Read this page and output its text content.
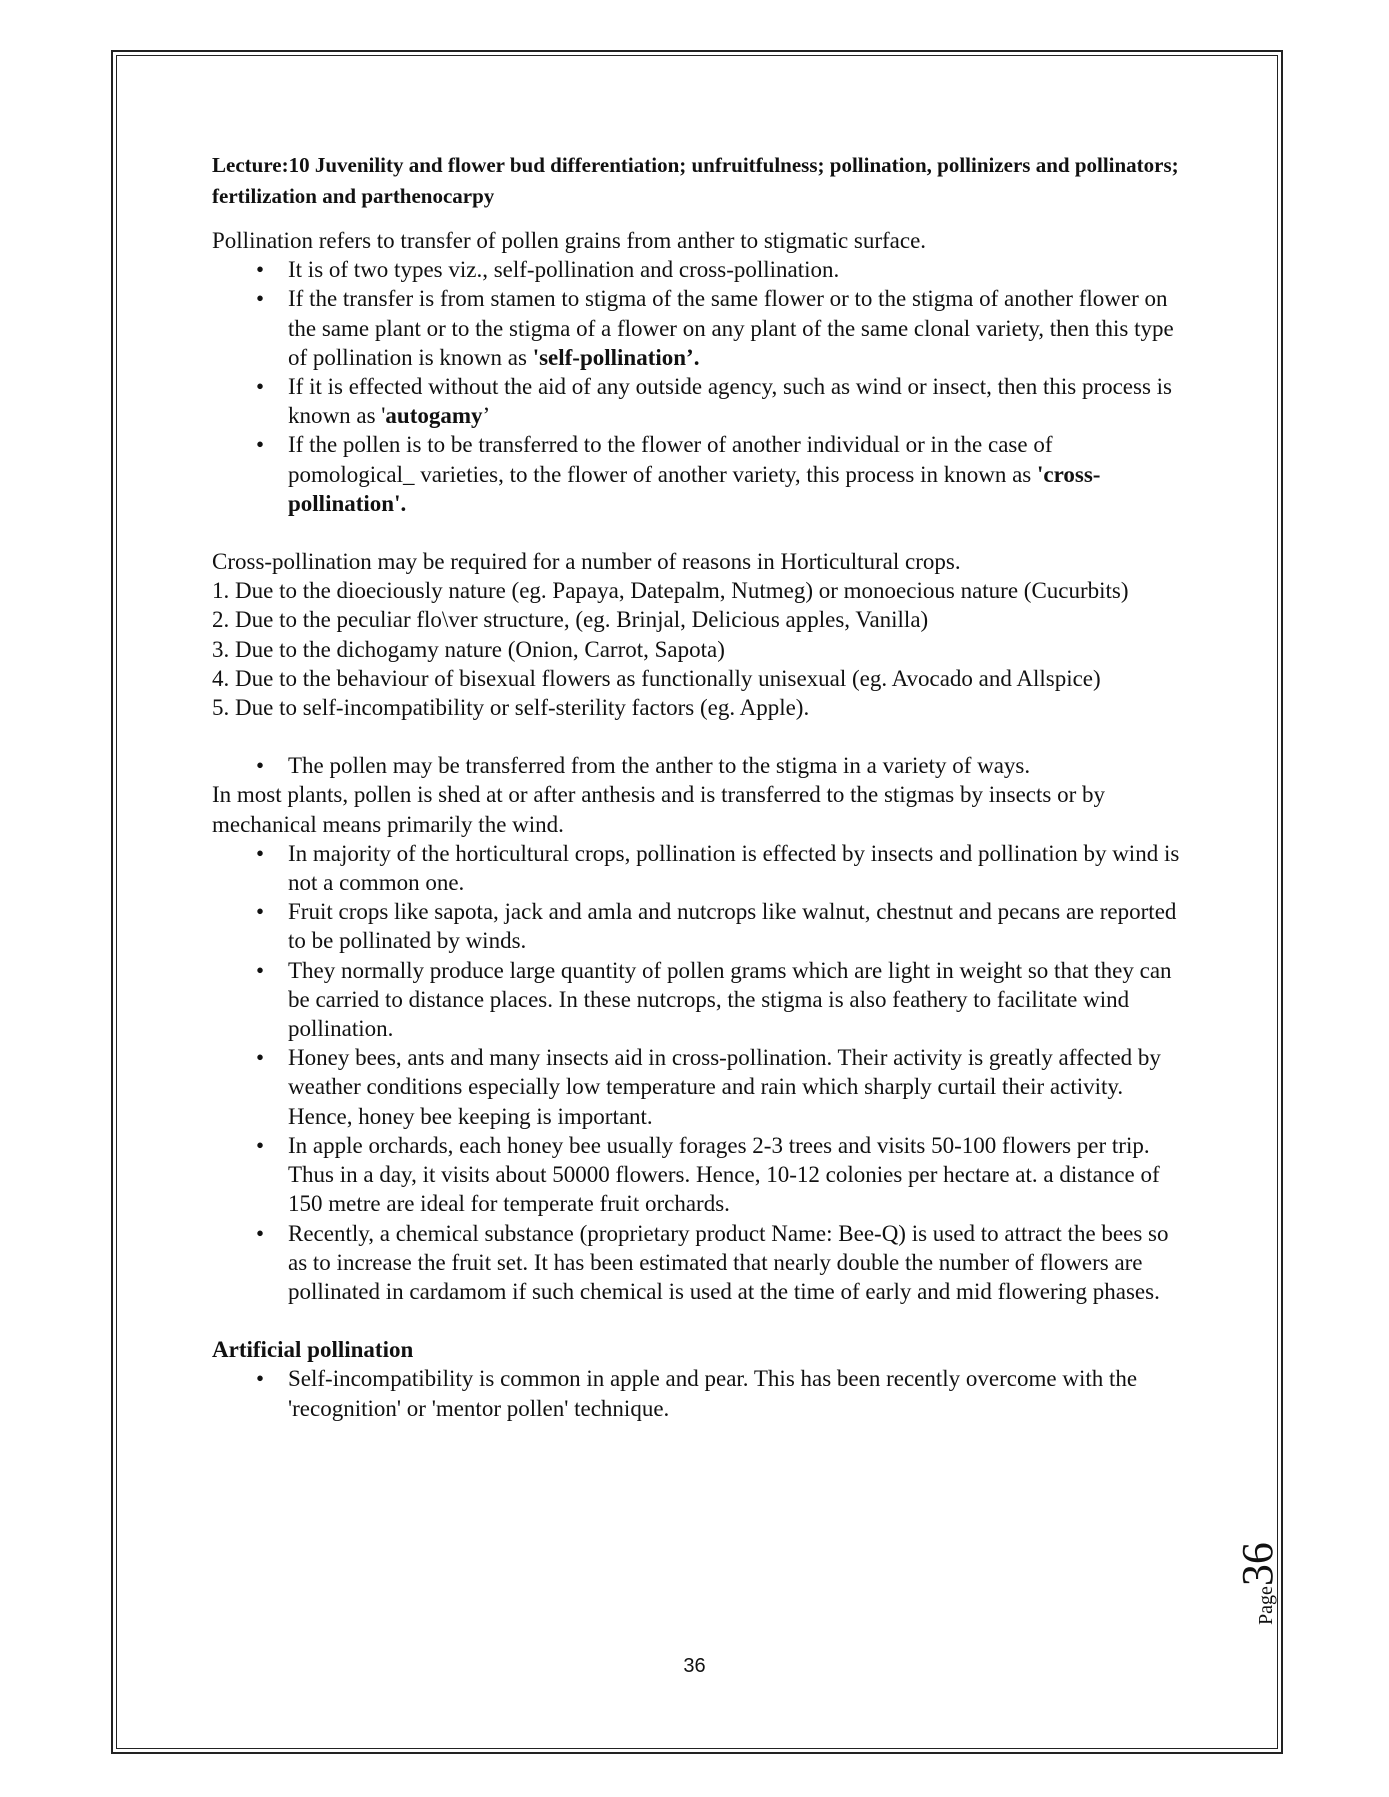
Lecture:10 Juvenility and flower bud differentiation; unfruitfulness; pollination, pollinizers and pollinators; fertilization and parthenocarpy

Pollination refers to transfer of pollen grains from anther to stigmatic surface.

• It is of two types viz., self-pollination and cross-pollination.
• If the transfer is from stamen to stigma of the same flower or to the stigma of another flower on the same plant or to the stigma of a flower on any plant of the same clonal variety, then this type of pollination is known as 'self-pollination’.
• If it is effected without the aid of any outside agency, such as wind or insect, then this process is known as 'autogamy’
• If the pollen is to be transferred to the flower of another individual or in the case of pomological_ varieties, to the flower of another variety, this process in known as 'cross-pollination'.

Cross-pollination may be required for a number of reasons in Horticultural crops.

1. Due to the dioeciously nature (eg. Papaya, Datepalm, Nutmeg) or monoecious nature (Cucurbits)

2. Due to the peculiar flo\ver structure, (eg. Brinjal, Delicious apples, Vanilla)

3. Due to the dichogamy nature (Onion, Carrot, Sapota)

4. Due to the behaviour of bisexual flowers as functionally unisexual (eg. Avocado and Allspice)

5. Due to self-incompatibility or self-sterility factors (eg. Apple).

• The pollen may be transferred from the anther to the stigma in a variety of ways.

In most plants, pollen is shed at or after anthesis and is transferred to the stigmas by insects or by mechanical means primarily the wind.

• In majority of the horticultural crops, pollination is effected by insects and pollination by wind is not a common one.
• Fruit crops like sapota, jack and amla and nutcrops like walnut, chestnut and pecans are reported to be pollinated by winds.
• They normally produce large quantity of pollen grams which are light in weight so that they can be carried to distance places. In these nutcrops, the stigma is also feathery to facilitate wind pollination.
• Honey bees, ants and many insects aid in cross-pollination. Their activity is greatly affected by weather conditions especially low temperature and rain which sharply curtail their activity. Hence, honey bee keeping is important.
• In apple orchards, each honey bee usually forages 2-3 trees and visits 50-100 flowers per trip. Thus in a day, it visits about 50000 flowers. Hence, 10-12 colonies per hectare at. a distance of 150 metre are ideal for temperate fruit orchards.
• Recently, a chemical substance (proprietary product Name: Bee-Q) is used to attract the bees so as to increase the fruit set. It has been estimated that nearly double the number of flowers are pollinated in cardamom if such chemical is used at the time of early and mid flowering phases.

Artificial pollination

• Self-incompatibility is common in apple and pear. This has been recently overcome with the 'recognition' or 'mentor pollen' technique.
Page36
36
